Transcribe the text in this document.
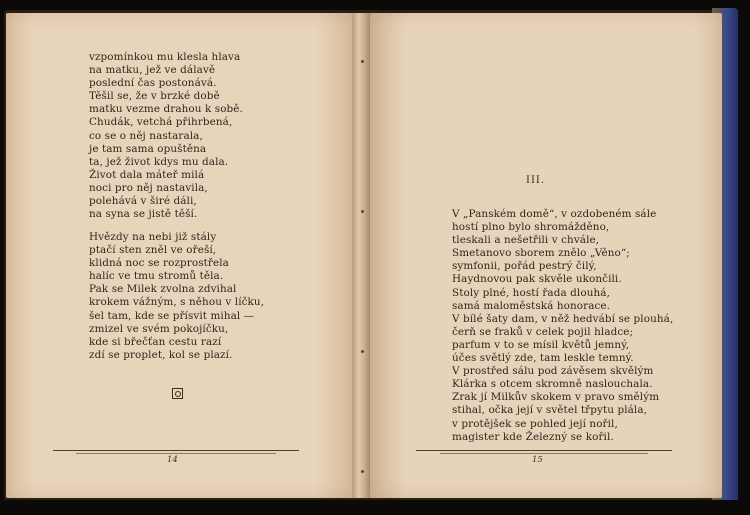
vzpomínkou mu klesla hlava
na matku, jež ve dálavě
poslední čas postonává.
Těšil se, že v brzké době
matku vezme drahou k sobě.
Chudák, vetchá přihrbená,
co se o něj nastarala,
je tam sama opuštěna
ta, jež život kdys mu dala.
Život dala máteř milá
noci pro něj nastavila,
polehává v širé dáli,
na syna se jistě těší.
Hvězdy na nebi již stály
ptačí sten zněl ve ořeší,
klidná noc se rozprostřela
halíc ve tmu stromů těla.
Pak se Milek zvolna zdvihal
krokem vážným, s něhou v líčku,
šel tam, kde se přísvit mihal —
zmizel ve svém pokojíčku,
kde si břečťan cestu razí
zdí se proplet, kol se plazí.
14
III.
V „Panském domě“, v ozdobeném sále
hostí plno bylo shromážděno,
tleskali a nešetřili v chvále,
Smetanovo sborem znělo „Věno“;
symfonii, pořád pestrý čilý,
Haydnovou pak skvěle ukončili.
Stoly plné, hostí řada dlouhá,
samá maloměstská honorace.
V bílé šaty dam, v něž hedvábí se plouhá,
čerň se fraků v celek pojil hladce;
parfum v to se mísil květů jemný,
účes světlý zde, tam leskle temný.
V prostřed sálu pod závěsem skvělým
Klárka s otcem skromně naslouchala.
Zrak jí Milkův skokem v pravo smělým
stihal, očka její v světel třpytu plála,
v protějšek se pohled její nořil,
magister kde Železný se kořil.
15
